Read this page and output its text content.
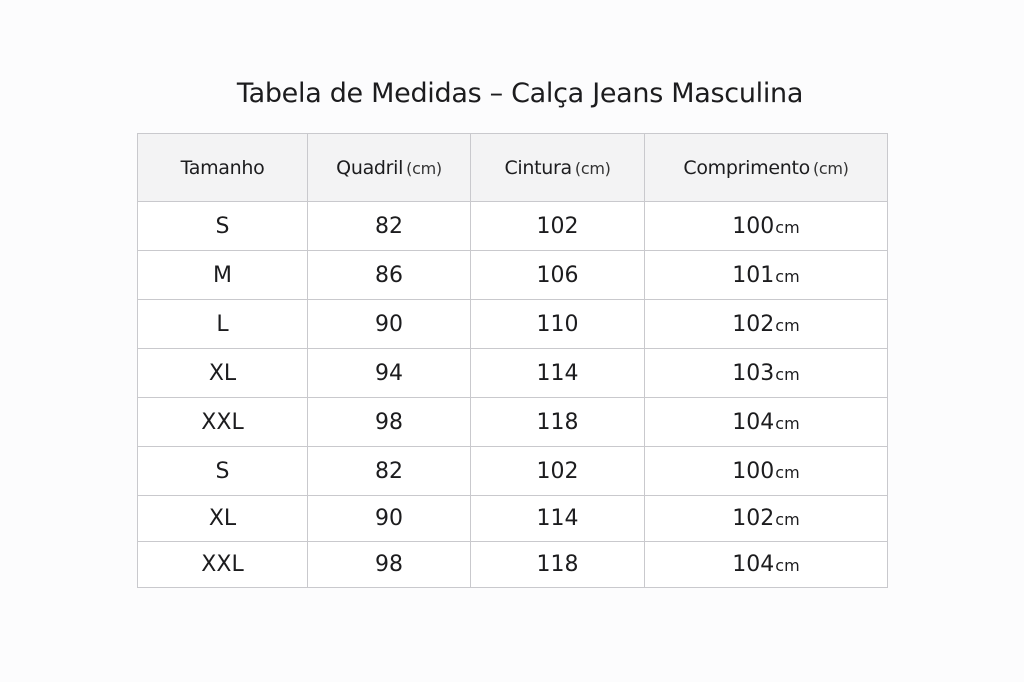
Tabela de Medidas – Calça Jeans Masculina
Tamanho	Quadril (cm)	Cintura (cm)	Comprimento (cm)
S	82	102	100cm
M	86	106	101cm
L	90	110	102cm
XL	94	114	103cm
XXL	98	118	104cm
S	82	102	100cm
XL	90	114	102cm
XXL	98	118	104cm
